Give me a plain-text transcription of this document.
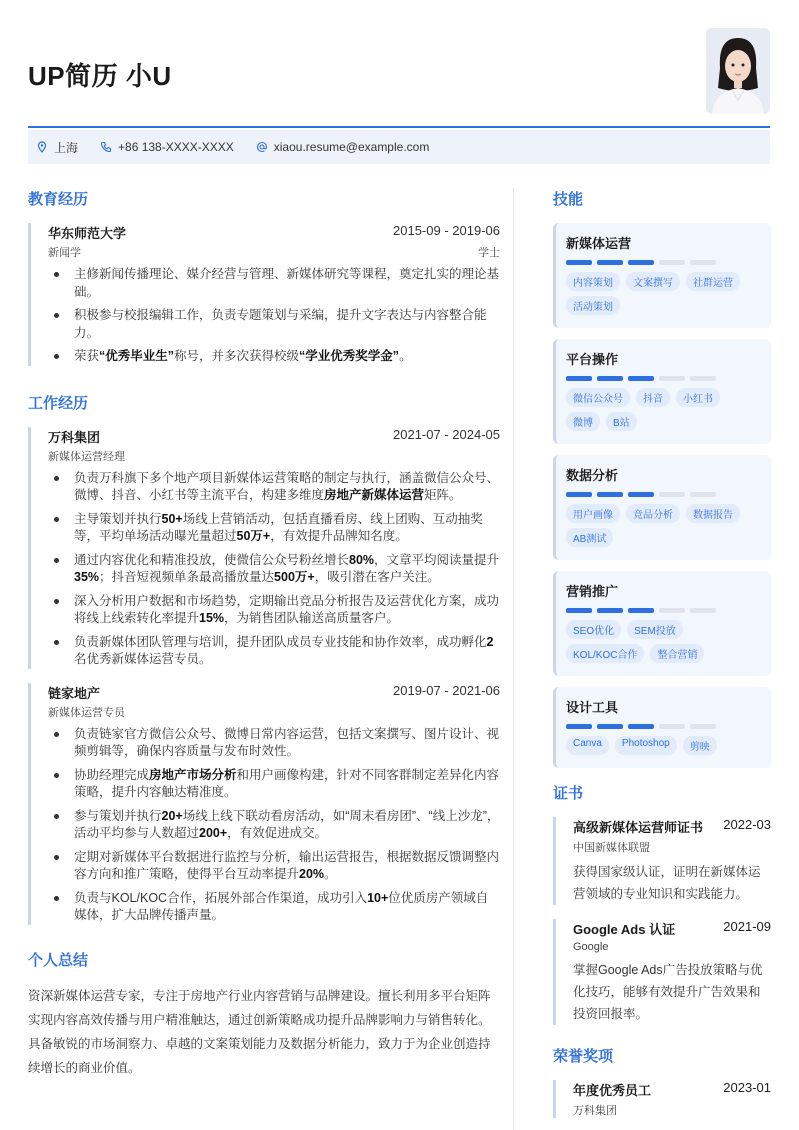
UP简历 小U
上海	+86 138-XXXX-XXXX	xiaou.resume@example.com
教育经历
华东师范大学	2015-09 - 2019-06
新闻学	学士
主修新闻传播理论、媒介经营与管理、新媒体研究等课程，奠定扎实的理论基础。
积极参与校报编辑工作，负责专题策划与采编，提升文字表达与内容整合能力。
荣获“优秀毕业生”称号，并多次获得校级“学业优秀奖学金”。
工作经历
万科集团	2021-07 - 2024-05
新媒体运营经理
负责万科旗下多个地产项目新媒体运营策略的制定与执行，涵盖微信公众号、微博、抖音、小红书等主流平台，构建多维度房地产新媒体运营矩阵。
主导策划并执行50+场线上营销活动，包括直播看房、线上团购、互动抽奖等，平均单场活动曝光量超过50万+，有效提升品牌知名度。
通过内容优化和精准投放，使微信公众号粉丝增长80%，文章平均阅读量提升35%；抖音短视频单条最高播放量达500万+，吸引潜在客户关注。
深入分析用户数据和市场趋势，定期输出竞品分析报告及运营优化方案，成功将线上线索转化率提升15%，为销售团队输送高质量客户。
负责新媒体团队管理与培训，提升团队成员专业技能和协作效率，成功孵化2名优秀新媒体运营专员。
链家地产	2019-07 - 2021-06
新媒体运营专员
负责链家官方微信公众号、微博日常内容运营，包括文案撰写、图片设计、视频剪辑等，确保内容质量与发布时效性。
协助经理完成房地产市场分析和用户画像构建，针对不同客群制定差异化内容策略，提升内容触达精准度。
参与策划并执行20+场线上线下联动看房活动，如“周末看房团”、“线上沙龙”，活动平均参与人数超过200+，有效促进成交。
定期对新媒体平台数据进行监控与分析，输出运营报告，根据数据反馈调整内容方向和推广策略，使得平台互动率提升20%。
负责与KOL/KOC合作，拓展外部合作渠道，成功引入10+位优质房产领域自媒体，扩大品牌传播声量。
个人总结
资深新媒体运营专家，专注于房地产行业内容营销与品牌建设。擅长利用多平台矩阵实现内容高效传播与用户精准触达，通过创新策略成功提升品牌影响力与销售转化。具备敏锐的市场洞察力、卓越的文案策划能力及数据分析能力，致力于为企业创造持续增长的商业价值。
技能
新媒体运营
内容策划	文案撰写	社群运营
活动策划
平台操作
微信公众号	抖音	小红书
微博	B站
数据分析
用户画像	竞品分析	数据报告
AB测试
营销推广
SEO优化	SEM投放
KOL/KOC合作	整合营销
设计工具
Canva	Photoshop	剪映
证书
高级新媒体运营师证书 2022-03
中国新媒体联盟
获得国家级认证，证明在新媒体运营领域的专业知识和实践能力。
Google Ads 认证	2021-09
Google
掌握Google Ads广告投放策略与优化技巧，能够有效提升广告效果和投资回报率。
荣誉奖项
年度优秀员工	2023-01
万科集团
